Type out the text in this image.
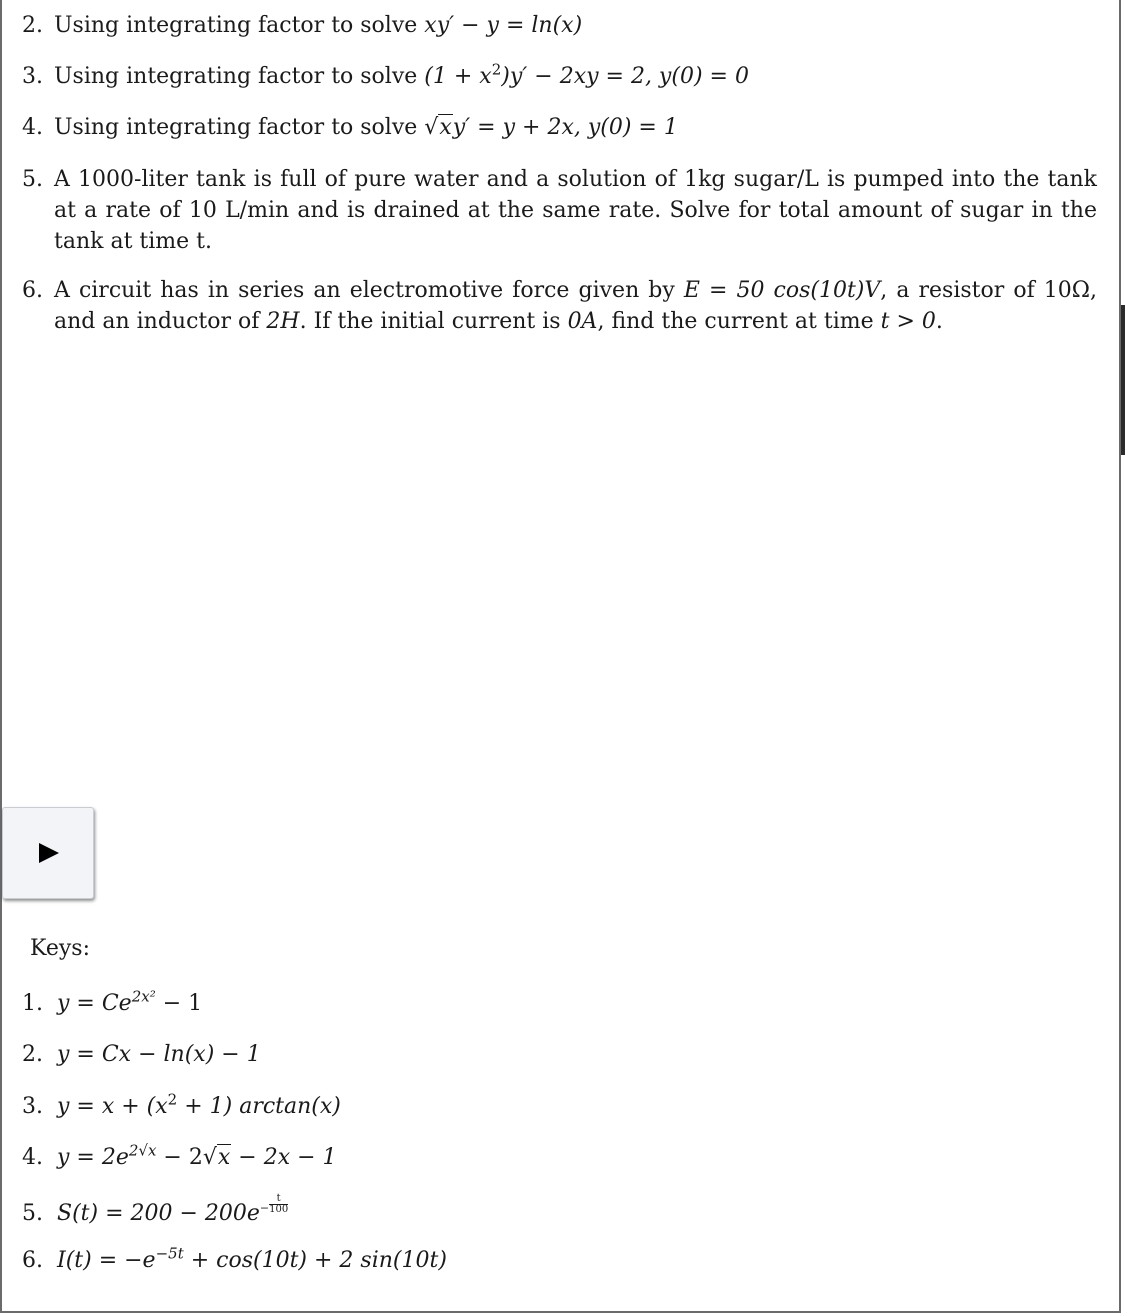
2. Using integrating factor to solve xy′ − y = ln(x)
3. Using integrating factor to solve $(1 + x^2)y' - 2xy = 2$, y(0) = 0
4. Using integrating factor to solve √xy′ = y + 2x, y(0) = 1
5. A 1000-liter tank is full of pure water and a solution of 1kg sugar/L is pumped into the tank at a rate of 10 L/min and is drained at the same rate. Solve for total amount of sugar in the tank at time t.
6. A circuit has in series an electromotive force given by E = 50 cos(10t)V, a resistor of 10Ω, and an inductor of 2H. If the initial current is 0A, find the current at time t > 0.
Keys:
1. $y = Ce^{2x^2} - 1$
2. y = Cx − ln(x) − 1
3. $y = x + (x^2 + 1)$ arctan(x)
4. $y = 2e^{2√x} - 2√x - 2x - 1$
5. $S(t) = 200 - 200e^- \frac{t}{100}$
6. $I(t) = -e^{-5t} + \cos(10t) + 2$ sin(10t)
